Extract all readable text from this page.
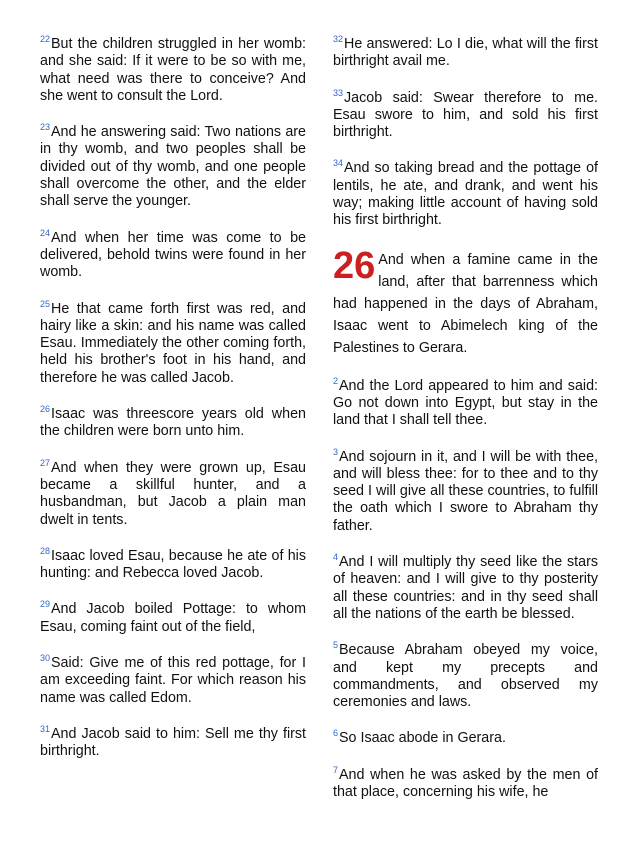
$^{22}$But the children struggled in her womb: and she said: If it were to be so with me, what need was there to conceive? And she went to consult the Lord.

$^{23}$And he answering said: Two nations are in thy womb, and two peoples shall be divided out of thy womb, and one people shall overcome the other, and the elder shall serve the younger.

$^{24}$And when her time was come to be delivered, behold twins were found in her womb.

$^{25}$He that came forth first was red, and hairy like a skin: and his name was called Esau. Immediately the other coming forth, held his brother's foot in his hand, and therefore he was called Jacob.

$^{26}$Isaac was threescore years old when the children were born unto him.

$^{27}$And when they were grown up, Esau became a skillful hunter, and a husbandman, but Jacob a plain man dwelt in tents.

$^{28}$Isaac loved Esau, because he ate of his hunting: and Rebecca loved Jacob.

$^{29}$And Jacob boiled Pottage: to whom Esau, coming faint out of the field,

$^{30}$Said: Give me of this red pottage, for I am exceeding faint. For which reason his name was called Edom.

$^{31}$And Jacob said to him: Sell me thy first birthright.

$^{32}$He answered: Lo I die, what will the first birthright avail me.

$^{33}$Jacob said: Swear therefore to me. Esau swore to him, and sold his first birthright.

$^{34}$And so taking bread and the pottage of lentils, he ate, and drank, and went his way; making little account of having sold his first birthright.

26 And when a famine came in the land, after that barrenness which had happened in the days of Abraham, Isaac went to Abimelech king of the Palestines to Gerara.

$^2$And the Lord appeared to him and said: Go not down into Egypt, but stay in the land that I shall tell thee.

$^3$And sojourn in it, and I will be with thee, and will bless thee: for to thee and to thy seed I will give all these countries, to fulfill the oath which I swore to Abraham thy father.

$^4$And I will multiply thy seed like the stars of heaven: and I will give to thy posterity all these countries: and in thy seed shall all the nations of the earth be blessed.

$^5$Because Abraham obeyed my voice, and kept my precepts and commandments, and observed my ceremonies and laws.

$^6$So Isaac abode in Gerara.

$^7$And when he was asked by the men of that place, concerning his wife, he
